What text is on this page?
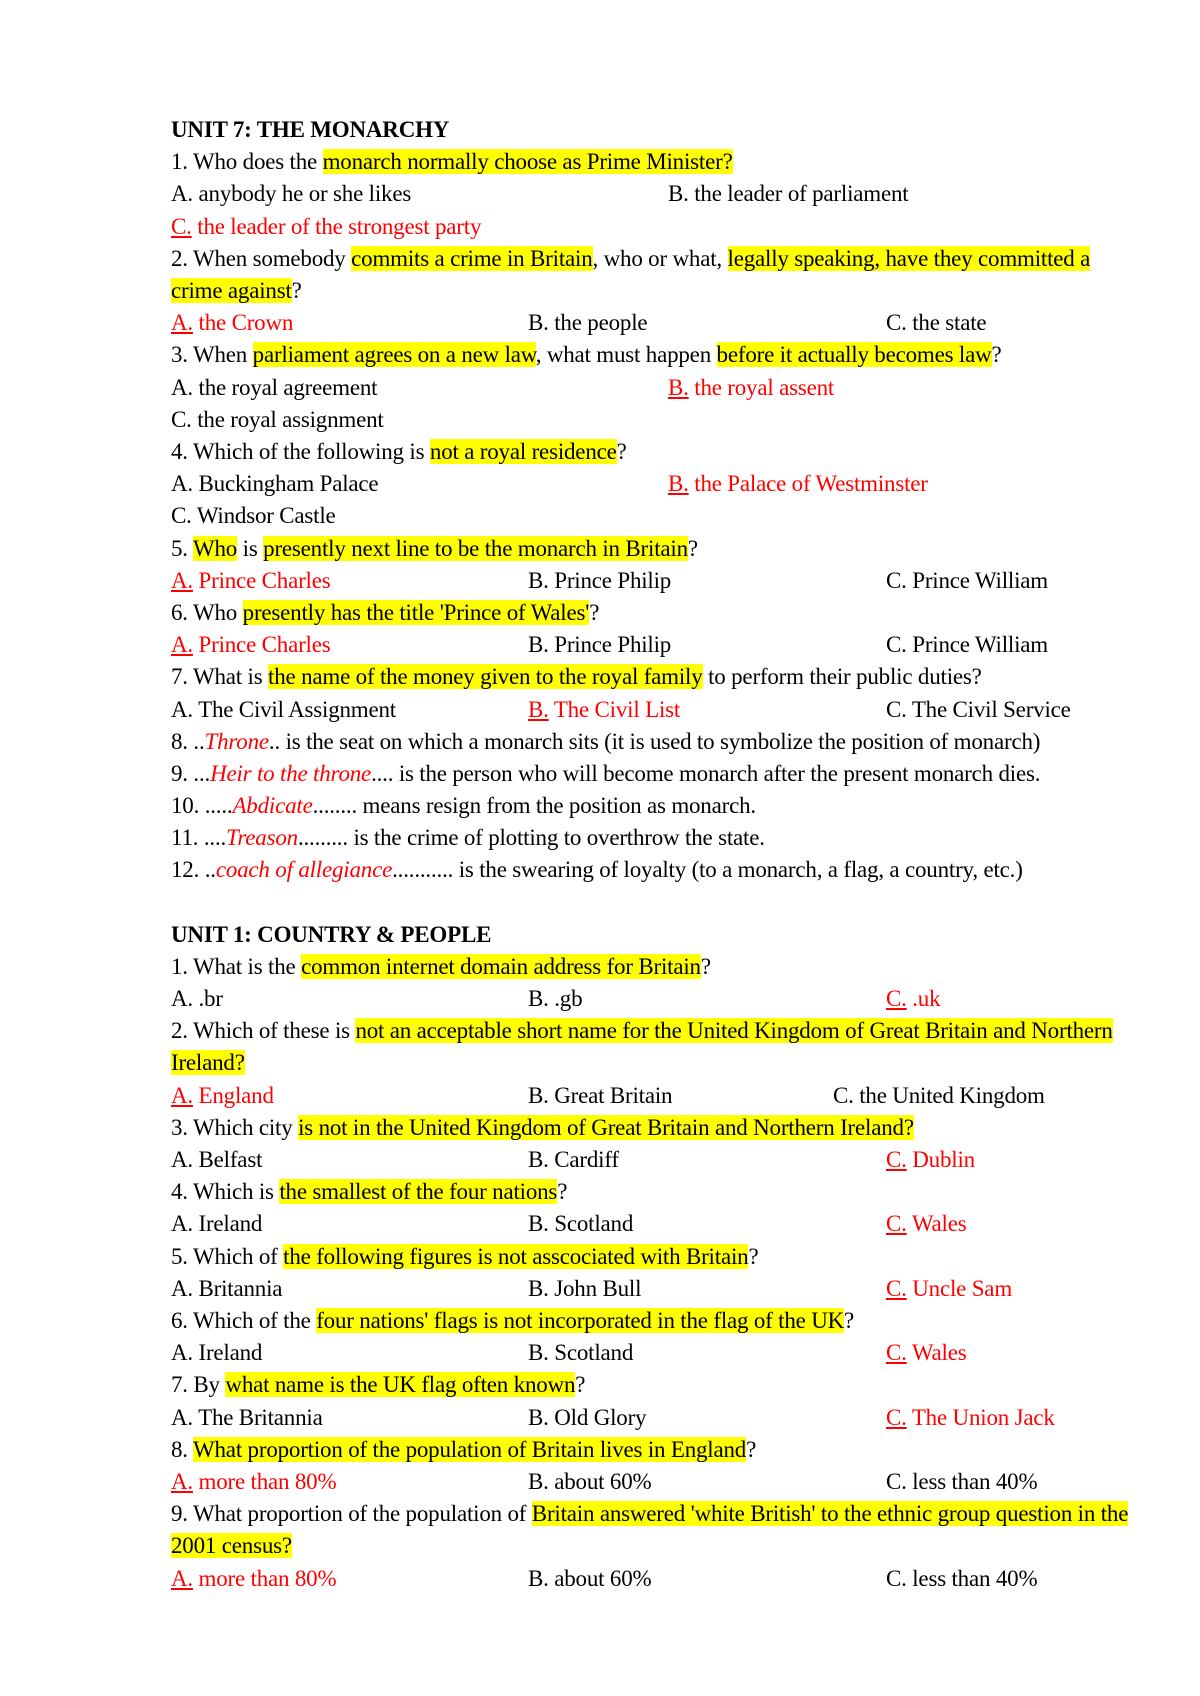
UNIT 7: THE MONARCHY
1. Who does the monarch normally choose as Prime Minister?
A. anybody he or she likes	B. the leader of parliament
C. the leader of the strongest party
2. When somebody commits a crime in Britain, who or what, legally speaking, have they committed a crime against?
A. the Crown	B. the people	C. the state
3. When parliament agrees on a new law, what must happen before it actually becomes law?
A. the royal agreement	B. the royal assent
C. the royal assignment
4. Which of the following is not a royal residence?
A. Buckingham Palace	B. the Palace of Westminster
C. Windsor Castle
5. Who is presently next line to be the monarch in Britain?
A. Prince Charles	B. Prince Philip	C. Prince William
6. Who presently has the title 'Prince of Wales'?
A. Prince Charles	B. Prince Philip	C. Prince William
7. What is the name of the money given to the royal family to perform their public duties?
A. The Civil Assignment	B. The Civil List	C. The Civil Service
8. ..Throne.. is the seat on which a monarch sits (it is used to symbolize the position of monarch)
9. ...Heir to the throne.... is the person who will become monarch after the present monarch dies.
10. .....Abdicate........ means resign from the position as monarch.
11. ....Treason......... is the crime of plotting to overthrow the state.
12. ..coach of allegiance........... is the swearing of loyalty (to a monarch, a flag, a country, etc.)
UNIT 1: COUNTRY & PEOPLE
1. What is the common internet domain address for Britain?
A. .br	B. .gb	C. .uk
2. Which of these is not an acceptable short name for the United Kingdom of Great Britain and Northern Ireland?
A. England	B. Great Britain	C. the United Kingdom
3. Which city is not in the United Kingdom of Great Britain and Northern Ireland?
A. Belfast	B. Cardiff	C. Dublin
4. Which is the smallest of the four nations?
A. Ireland	B. Scotland	C. Wales
5. Which of the following figures is not asscociated with Britain?
A. Britannia	B. John Bull	C. Uncle Sam
6. Which of the four nations' flags is not incorporated in the flag of the UK?
A. Ireland	B. Scotland	C. Wales
7. By what name is the UK flag often known?
A. The Britannia	B. Old Glory	C. The Union Jack
8. What proportion of the population of Britain lives in England?
A. more than 80%	B. about 60%	C. less than 40%
9. What proportion of the population of Britain answered 'white British' to the ethnic group question in the 2001 census?
A. more than 80%	B. about 60%	C. less than 40%
